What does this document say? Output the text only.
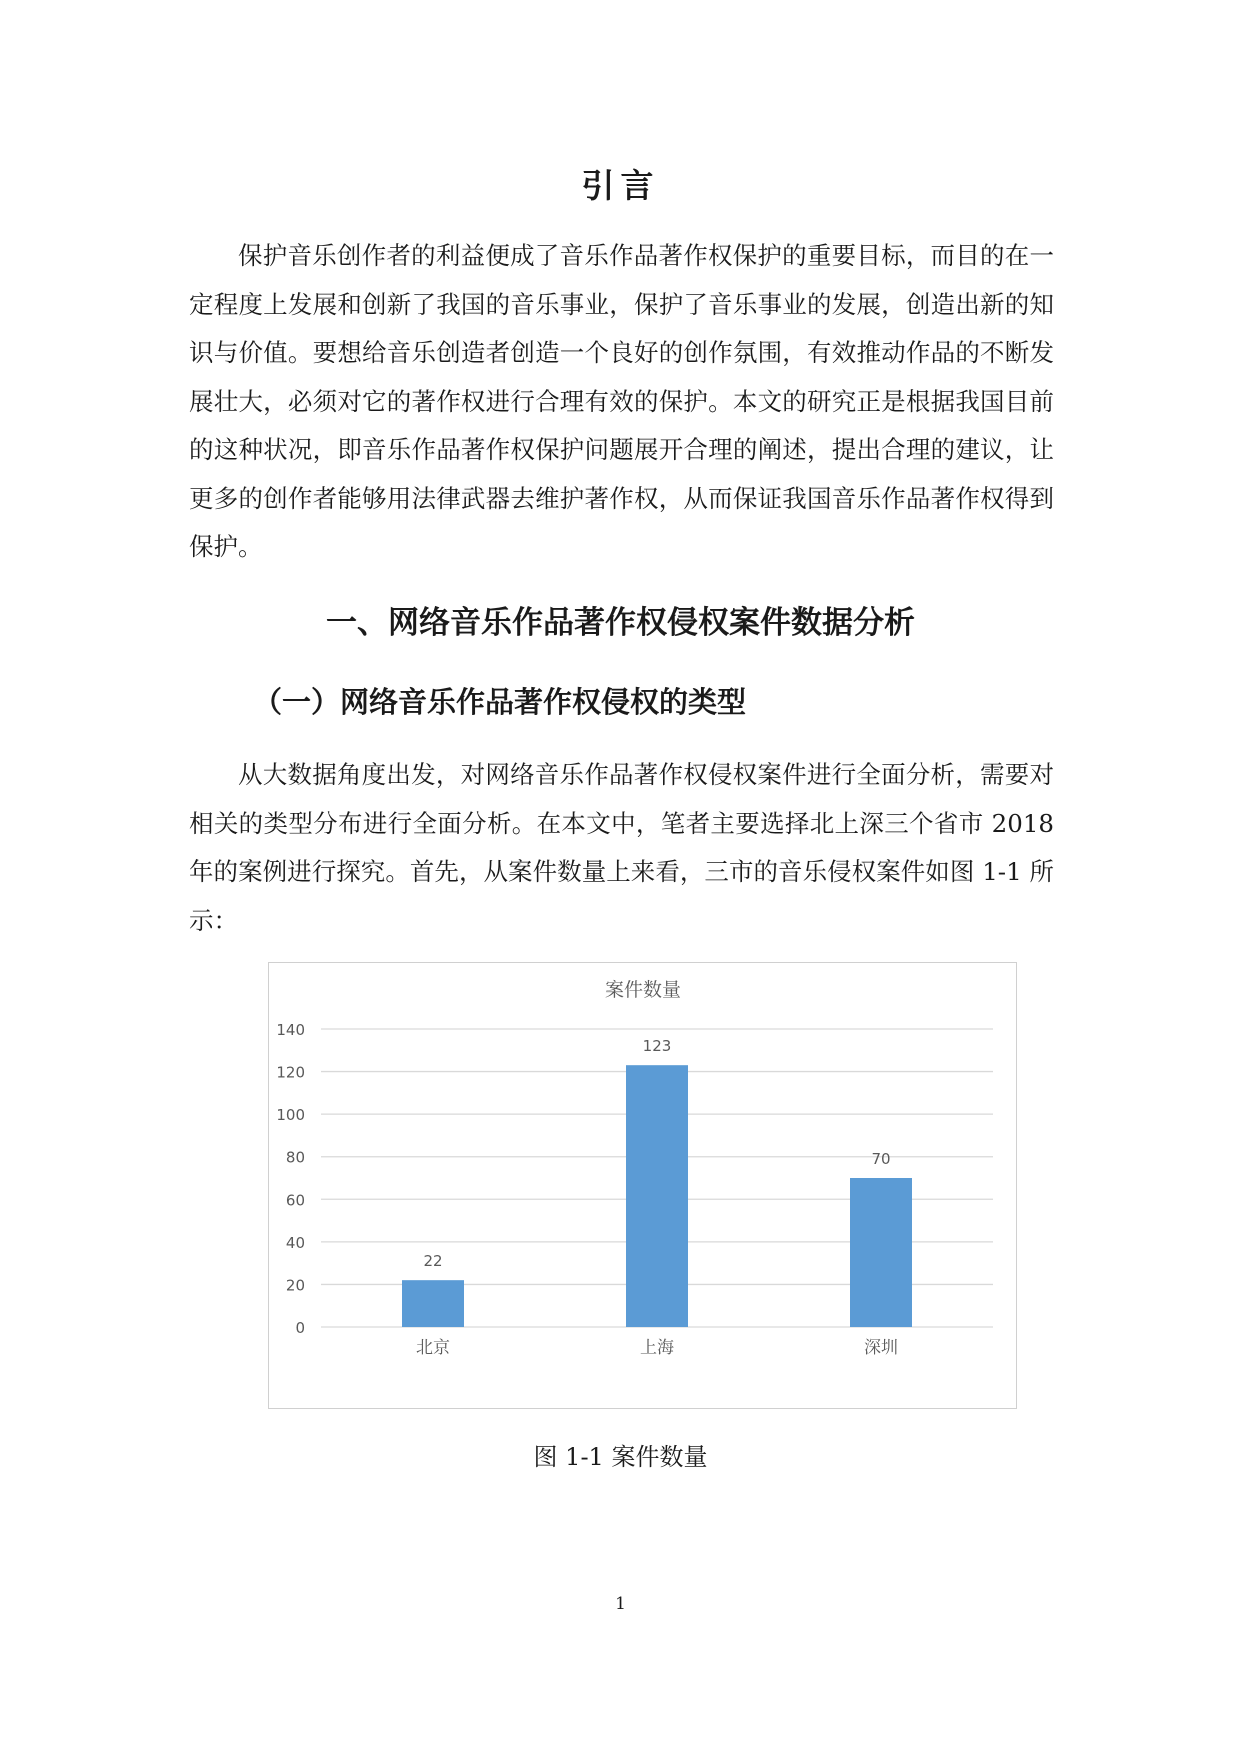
引言

保护音乐创作者的利益便成了音乐作品著作权保护的重要目标，而目的在一定程度上发展和创新了我国的音乐事业，保护了音乐事业的发展，创造出新的知识与价值。要想给音乐创造者创造一个良好的创作氛围，有效推动作品的不断发展壮大，必须对它的著作权进行合理有效的保护。本文的研究正是根据我国目前的这种状况，即音乐作品著作权保护问题展开合理的阐述，提出合理的建议，让更多的创作者能够用法律武器去维护著作权，从而保证我国音乐作品著作权得到保护。

一、网络音乐作品著作权侵权案件数据分析
（一）网络音乐作品著作权侵权的类型

从大数据角度出发，对网络音乐作品著作权侵权案件进行全面分析，需要对相关的类型分布进行全面分析。在本文中，笔者主要选择北上深三个省市 2018 年的案例进行探究。首先，从案件数量上来看，三市的音乐侵权案件如图 1-1 所示：

案件数量
0
20
40
60
80
100
120
140
22
123
70
北京	上海	深圳
图 1-1 案件数量
1
